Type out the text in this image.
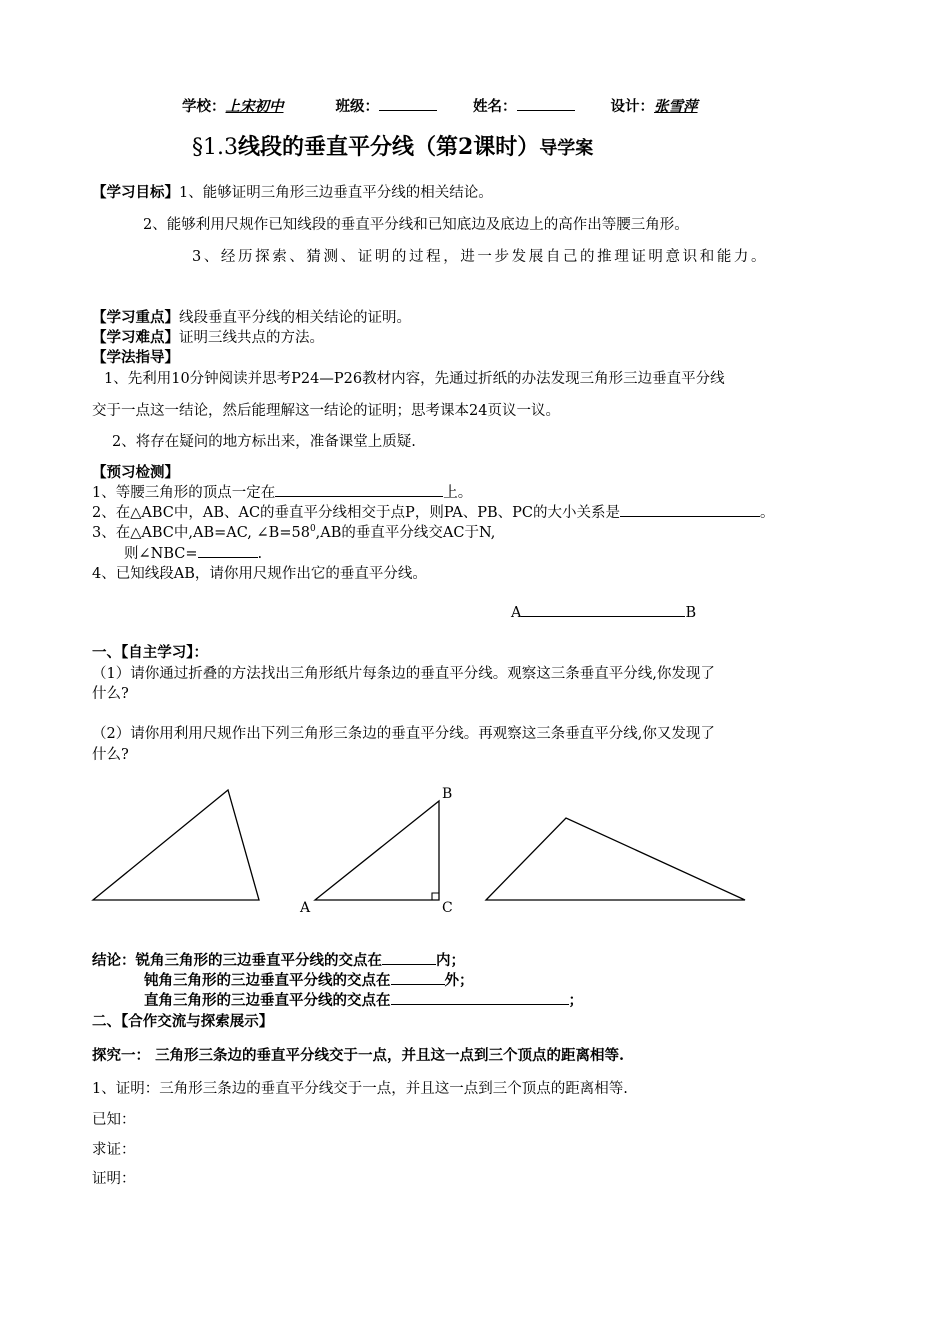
学校：上宋初中	班级：	姓名：	设计：张雪萍
§1.3线段的垂直平分线（第2课时）导学案
【学习目标】1、能够证明三角形三边垂直平分线的相关结论。
2、能够利用尺规作已知线段的垂直平分线和已知底边及底边上的高作出等腰三角形。
3、经历探索、猜测、证明的过程，进一步发展自己的推理证明意识和能力。
【学习重点】线段垂直平分线的相关结论的证明。
【学习难点】证明三线共点的方法。
【学法指导】
1、先利用10分钟阅读并思考P24—P26教材内容，先通过折纸的办法发现三角形三边垂直平分线
交于一点这一结论，然后能理解这一结论的证明；思考课本24页议一议。
2、将存在疑问的地方标出来，准备课堂上质疑.
【预习检测】
1、等腰三角形的顶点一定在	上。
2、在△ABC中，AB、AC的垂直平分线相交于点P，则PA、PB、PC的大小关系是	。
3、在△ABC中,AB=AC, $\angle B=58^0,AB$的垂直平分线交AC于N,
则∠NBC=	.
4、已知线段AB，请你用尺规作出它的垂直平分线。
A	B
一、【自主学习】：
（1）请你通过折叠的方法找出三角形纸片每条边的垂直平分线。观察这三条垂直平分线,你发现了
什么?
（2）请你用利用尺规作出下列三角形三条边的垂直平分线。再观察这三条垂直平分线,你又发现了
什么?
B
A	C
结论：锐角三角形的三边垂直平分线的交点在	内；
钝角三角形的三边垂直平分线的交点在	外；
直角三角形的三边垂直平分线的交点在	；
二、【合作交流与探索展示】
探究一： 三角形三条边的垂直平分线交于一点，并且这一点到三个顶点的距离相等.
1、证明：三角形三条边的垂直平分线交于一点，并且这一点到三个顶点的距离相等.
已知：
求证：
证明：
